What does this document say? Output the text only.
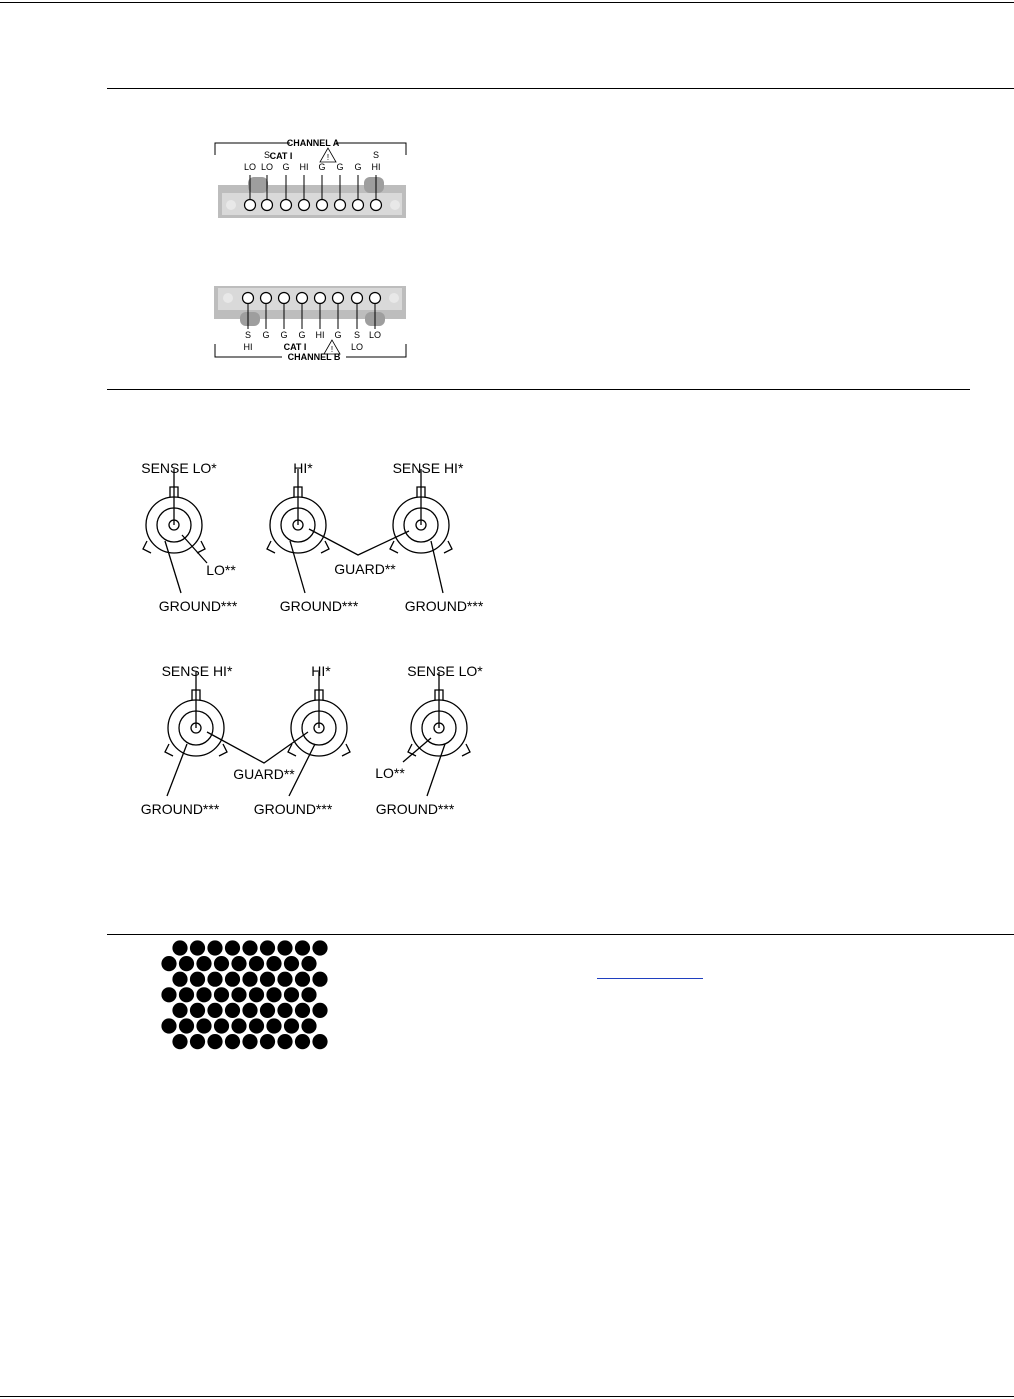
CHANNEL A
CAT I	!
S	S
LO LO G HI G G G HI
S G G G HI G S LO
HI	LO
CAT I	!
CHANNEL B
SENSE LO*	HI*	SENSE HI*
LO**	GUARD**
GROUND***	GROUND***	GROUND***
SENSE HI*	HI*	SENSE LO*
GUARD**	LO**
GROUND*** GROUND***	GROUND***
